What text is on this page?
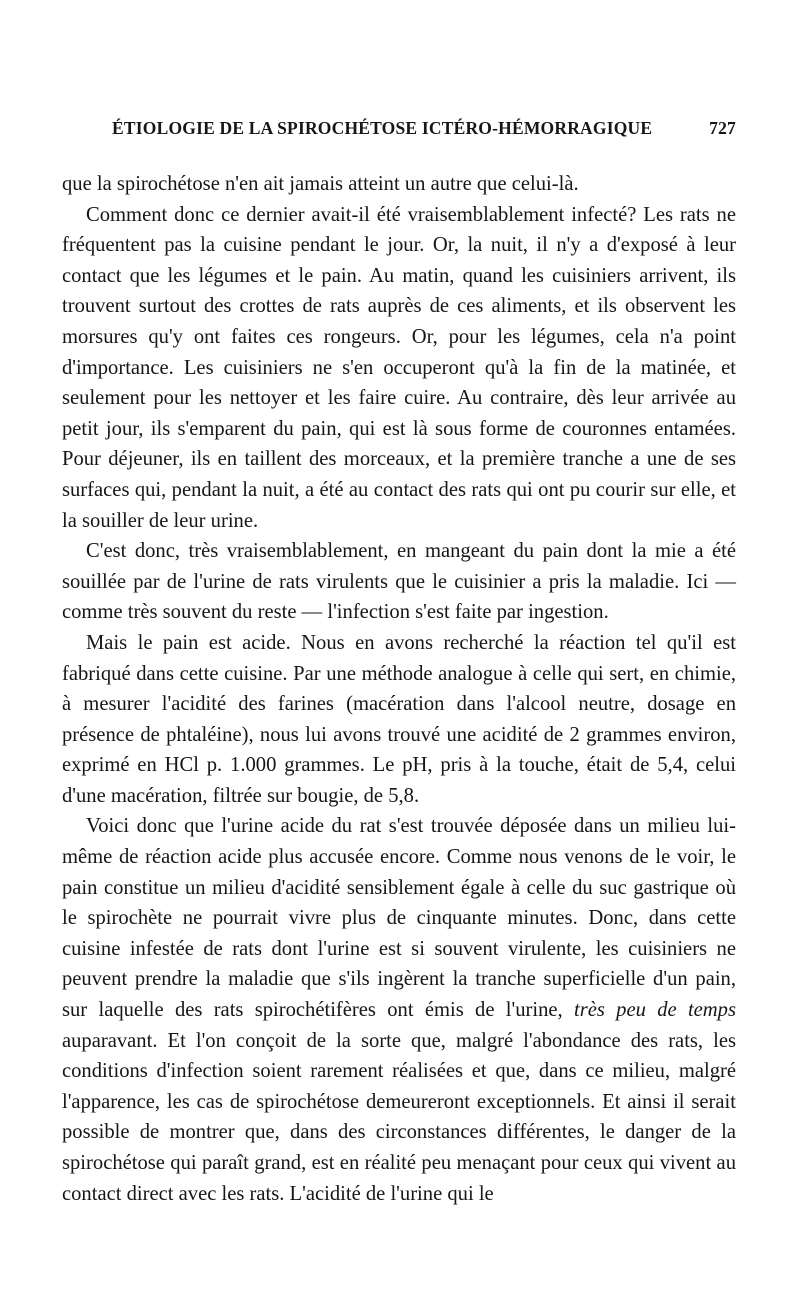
ÉTIOLOGIE DE LA SPIROCHÉTOSE ICTÉRO-HÉMORRAGIQUE	727

que la spirochétose n'en ait jamais atteint un autre que celui-là.

Comment donc ce dernier avait-il été vraisemblablement infecté? Les rats ne fréquentent pas la cuisine pendant le jour. Or, la nuit, il n'y a d'exposé à leur contact que les légumes et le pain. Au matin, quand les cuisiniers arrivent, ils trouvent surtout des crottes de rats auprès de ces aliments, et ils observent les morsures qu'y ont faites ces rongeurs. Or, pour les légumes, cela n'a point d'importance. Les cuisiniers ne s'en occuperont qu'à la fin de la matinée, et seulement pour les nettoyer et les faire cuire. Au contraire, dès leur arrivée au petit jour, ils s'emparent du pain, qui est là sous forme de couronnes entamées. Pour déjeuner, ils en taillent des morceaux, et la première tranche a une de ses surfaces qui, pendant la nuit, a été au contact des rats qui ont pu courir sur elle, et la souiller de leur urine.

C'est donc, très vraisemblablement, en mangeant du pain dont la mie a été souillée par de l'urine de rats virulents que le cuisinier a pris la maladie. Ici — comme très souvent du reste — l'infection s'est faite par ingestion.

Mais le pain est acide. Nous en avons recherché la réaction tel qu'il est fabriqué dans cette cuisine. Par une méthode analogue à celle qui sert, en chimie, à mesurer l'acidité des farines (macération dans l'alcool neutre, dosage en présence de phtaléine), nous lui avons trouvé une acidité de 2 grammes environ, exprimé en HCl p. 1.000 grammes. Le pH, pris à la touche, était de 5,4, celui d'une macération, filtrée sur bougie, de 5,8.

Voici donc que l'urine acide du rat s'est trouvée déposée dans un milieu lui-même de réaction acide plus accusée encore. Comme nous venons de le voir, le pain constitue un milieu d'acidité sensiblement égale à celle du suc gastrique où le spirochète ne pourrait vivre plus de cinquante minutes. Donc, dans cette cuisine infestée de rats dont l'urine est si souvent virulente, les cuisiniers ne peuvent prendre la maladie que s'ils ingèrent la tranche superficielle d'un pain, sur laquelle des rats spirochétifères ont émis de l'urine, très peu de temps auparavant. Et l'on conçoit de la sorte que, malgré l'abondance des rats, les conditions d'infection soient rarement réalisées et que, dans ce milieu, malgré l'apparence, les cas de spirochétose demeureront exceptionnels. Et ainsi il serait possible de montrer que, dans des circonstances différentes, le danger de la spirochétose qui paraît grand, est en réalité peu menaçant pour ceux qui vivent au contact direct avec les rats. L'acidité de l'urine qui le
